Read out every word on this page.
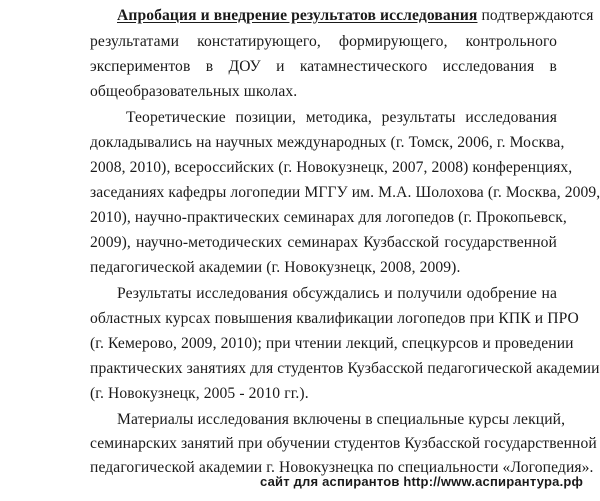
Апробация и внедрение результатов исследования подтверждаются
результатами констатирующего, формирующего, контрольного
экспериментов в ДОУ и катамнестического исследования в
общеобразовательных школах.
Теоретические позиции, методика, результаты исследования
докладывались на научных международных (г. Томск, 2006, г. Москва,
2008, 2010), всероссийских (г. Новокузнецк, 2007, 2008) конференциях,
заседаниях кафедры логопедии МГГУ им. М.А. Шолохова (г. Москва, 2009,
2010), научно-практических семинарах для логопедов (г. Прокопьевск,
2009), научно-методических семинарах Кузбасской государственной
педагогической академии (г. Новокузнецк, 2008, 2009).
Результаты исследования обсуждались и получили одобрение на
областных курсах повышения квалификации логопедов при КПК и ПРО
(г. Кемерово, 2009, 2010); при чтении лекций, спецкурсов и проведении
практических занятиях для студентов Кузбасской педагогической академии
(г. Новокузнецк, 2005 - 2010 гг.).
Материалы исследования включены в специальные курсы лекций,
семинарских занятий при обучении студентов Кузбасской государственной
педагогической академии г. Новокузнецка по специальности «Логопедия».
сайт для аспирантов http://www.аспирантура.рф
